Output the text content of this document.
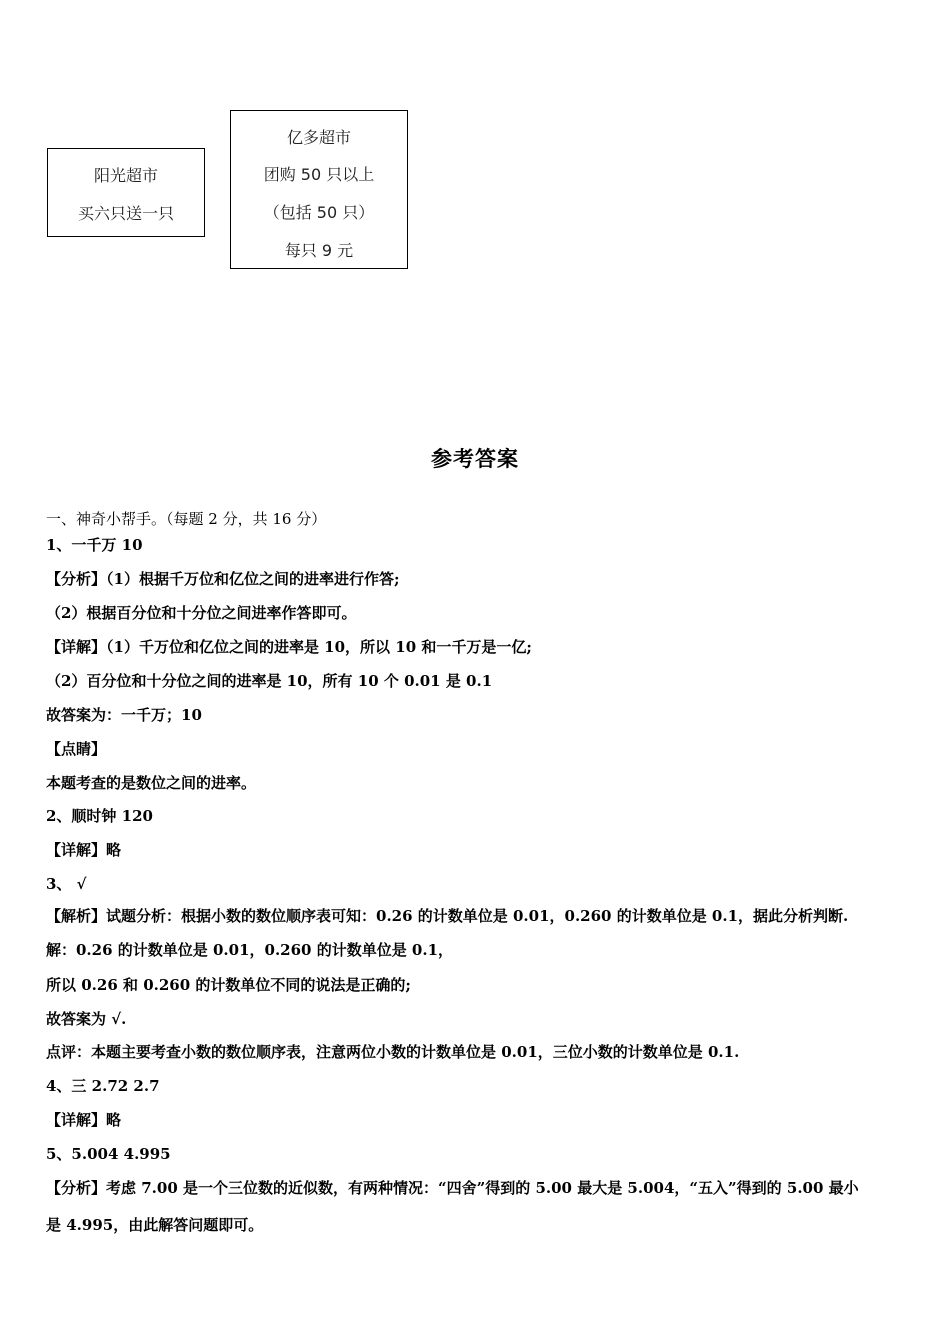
阳光超市
买六只送一只
亿多超市
团购 50 只以上
（包括 50 只）
每只 9 元
参考答案
一、神奇小帮手。（每题 2 分，共 16 分）
1、一千万 10
【分析】（1）根据千万位和亿位之间的进率进行作答;
（2）根据百分位和十分位之间进率作答即可。
【详解】（1）千万位和亿位之间的进率是 10，所以 10 和一千万是一亿;
（2）百分位和十分位之间的进率是 10，所有 10 个 0.01 是 0.1
故答案为：一千万；10
【点睛】
本题考查的是数位之间的进率。
2、顺时钟 120
【详解】略
3、 √
【解析】试题分析：根据小数的数位顺序表可知：0.26 的计数单位是 0.01，0.260 的计数单位是 0.1，据此分析判断.
解：0.26 的计数单位是 0.01，0.260 的计数单位是 0.1，
所以 0.26 和 0.260 的计数单位不同的说法是正确的;
故答案为 √.
点评：本题主要考查小数的数位顺序表，注意两位小数的计数单位是 0.01，三位小数的计数单位是 0.1.
4、三 2.72 2.7
【详解】略
5、5.004 4.995
【分析】考虑 7.00 是一个三位数的近似数，有两种情况：“四舍”得到的 5.00 最大是 5.004，“五入”得到的 5.00 最小
是 4.995，由此解答问题即可。
